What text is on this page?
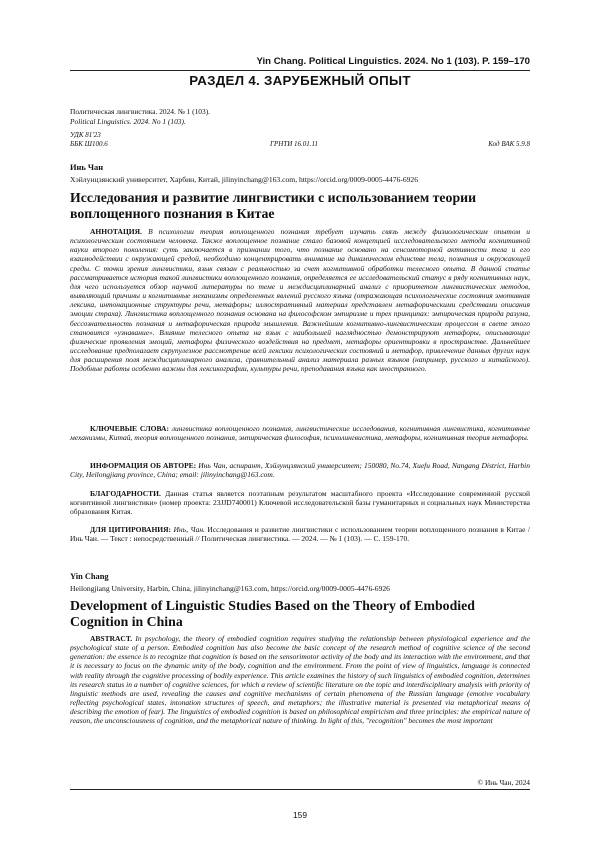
Yin Chang. Political Linguistics. 2024. No 1 (103). P. 159–170
РАЗДЕЛ 4. ЗАРУБЕЖНЫЙ ОПЫТ
Политическая лингвистика. 2024. № 1 (103).
Political Linguistics. 2024. No 1 (103).
УДК 81'23
ББК Ш100.6	ГРНТИ 16.01.11	Код ВАК 5.9.8
Инь Чан
Хэйлунцзянский университет, Харбин, Китай, jilinyinchang@163.com, https://orcid.org/0009-0005-4476-6926
Исследования и развитие лингвистики с использованием теории воплощенного познания в Китае
АННОТАЦИЯ. В психологии теория воплощенного познания требует изучать связь между физиологическим опытом и психологическим состоянием человека. Также воплощенное познание стало базовой концепцией исследовательского метода когнитивной науки второго поколения: суть заключается в признании того, что познание основано на сенсомоторной активности тела и его взаимодействии с окружающей средой, необходимо концентрировать внимание на динамическом единстве тела, познания и окружающей среды. С точки зрения лингвистики, язык связан с реальностью за счет когнитивной обработки телесного опыта. В данной статье рассматривается история такой лингвистики воплощенного познания, определяется ее исследовательский статус в ряду когнитивных наук, для чего используется обзор научной литературы по теме и междисциплинарный анализ с приоритетом лингвистических методов, выявляющий причины и когнитивные механизмы определенных явлений русского языка (отражающая психологические состояния эмотивная лексика, интонационные структуры речи, метафоры; иллюстративный материал представлен метафорическими средствами описания эмоции страха). Лингвистика воплощенного познания основана на философском эмпиризме и трех принципах: эмпирическая природа разума, бессознательность познания и метафорическая природа мышления. Важнейшим когнитивно-лингвистическим процессом в свете этого становится «узнавание». Влияние телесного опыта на язык с наибольшей наглядностью демонстрируют метафоры, описывающие физические проявления эмоций, метафоры физического воздействия на предмет, метафоры ориентировки в пространстве. Дальнейшее исследование предполагает скрупулезное рассмотрение всей лексики психологических состояний и метафор, привлечение данных других наук для расширения поля междисциплинарного анализа, сравнительный анализ материала разных языков (например, русского и китайского). Подобные работы особенно важны для лексикографии, культуры речи, преподавания языка как иностранного.
КЛЮЧЕВЫЕ СЛОВА: лингвистика воплощенного познания, лингвистические исследования, когнитивная лингвистика, когнитивные механизмы, Китай, теория воплощенного познания, эмпирическая философия, психолингвистика, метафоры, когнитивная теория метафоры.
ИНФОРМАЦИЯ ОБ АВТОРЕ: Инь Чан, аспирант, Хэйлунцзянский университет; 150080, No.74, Xuefu Road, Nangang District, Harbin City, Heilongjiang province, China; email: jilinyinchang@163.com.
БЛАГОДАРНОСТИ. Данная статья является поэтапным результатом масштабного проекта «Исследование современной русской когнитивной лингвистики» (номер проекта: 23JJD740001) Ключевой исследовательской базы гуманитарных и социальных наук Министерства образования Китая.
ДЛЯ ЦИТИРОВАНИЯ: Инь, Чан. Исследования и развитие лингвистики с использованием теории воплощенного познания в Китае / Инь Чан. — Текст : непосредственный // Политическая лингвистика. — 2024. — № 1 (103). — С. 159-170.
Yin Chang
Heilongjiang University, Harbin, China, jilinyinchang@163.com, https://orcid.org/0009-0005-4476-6926
Development of Linguistic Studies Based on the Theory of Embodied Cognition in China
ABSTRACT. In psychology, the theory of embodied cognition requires studying the relationship between physiological experience and the psychological state of a person. Embodied cognition has also become the basic concept of the research method of cognitive science of the second generation: the essence is to recognize that cognition is based on the sensorimotor activity of the body and its interaction with the environment, and that it is necessary to focus on the dynamic unity of the body, cognition and the environment. From the point of view of linguistics, language is connected with reality through the cognitive processing of bodily experience. This article examines the history of such linguistics of embodied cognition, determines its research status in a number of cognitive sciences, for which a review of scientific literature on the topic and interdisciplinary analysis with priority of linguistic methods are used, revealing the causes and cognitive mechanisms of certain phenomena of the Russian language (emotive vocabulary reflecting psychological states, intonation structures of speech, and metaphors; the illustrative material is presented via metaphorical means of describing the emotion of fear). The linguistics of embodied cognition is based on philosophical empiricism and three principles: the empirical nature of reason, the unconsciousness of cognition, and the metaphorical nature of thinking. In light of this, "recognition" becomes the most important
© Инь Чан, 2024
159
